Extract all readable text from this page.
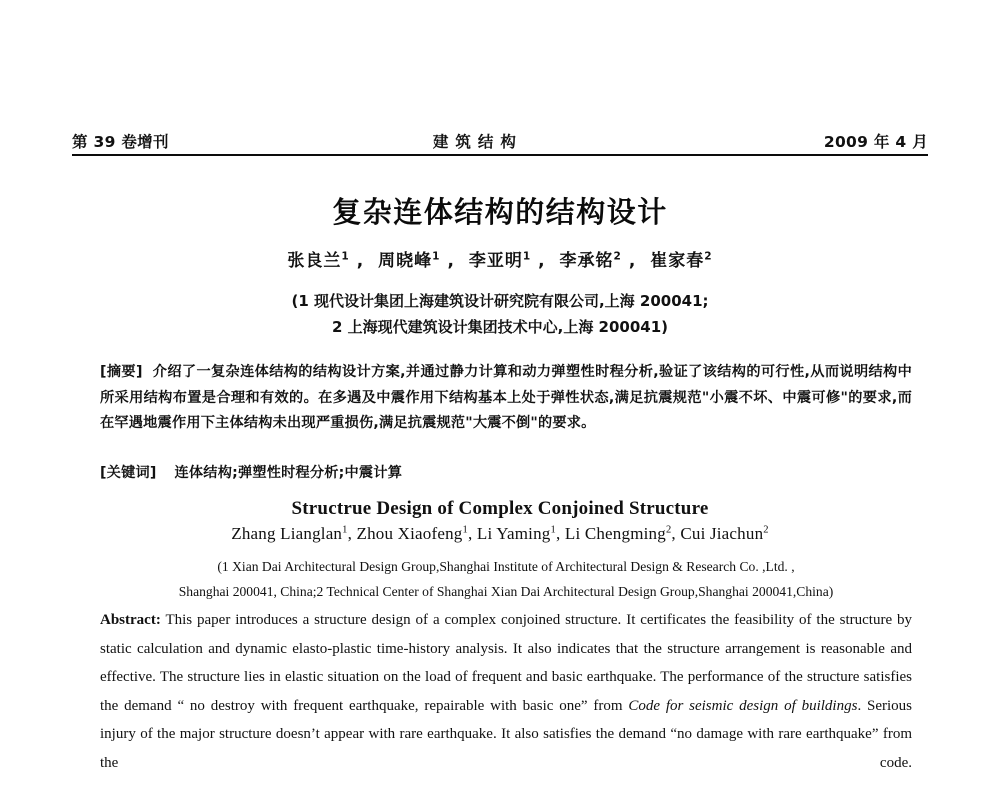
第 39 卷增刊	建筑结构	2009 年 4 月
复杂连体结构的结构设计
张良兰$^1$ , 周晓峰$^1$ , 李亚明$^1$ , 李承铭$^2$ , 崔家春$^2$
(1 现代设计集团上海建筑设计研究院有限公司,上海 200041;
2 上海现代建筑设计集团技术中心,上海 200041)
[摘要] 介绍了一复杂连体结构的结构设计方案,并通过静力计算和动力弹塑性时程分析,验证了该结构的可行性,从而说明结构中所采用结构布置是合理和有效的。在多遇及中震作用下结构基本上处于弹性状态,满足抗震规范"小震不坏、中震可修"的要求,而在罕遇地震作用下主体结构未出现严重损伤,满足抗震规范"大震不倒"的要求。
[关键词] 连体结构;弹塑性时程分析;中震计算
Structrue Design of Complex Conjoined Structure
Zhang Lianglan$^1$, Zhou Xiaofeng$^1$, Li Yaming$^1$, Li Chengming$^2$, Cui Jiachun$^2$
(1 Xian Dai Architectural Design Group,Shanghai Institute of Architectural Design & Research Co. ,Ltd. ,
Shanghai 200041, China;2 Technical Center of Shanghai Xian Dai Architectural Design Group,Shanghai 200041,China)

Abstract: This paper introduces a structure design of a complex conjoined structure. It certificates the feasibility of the structure by static calculation and dynamic elasto-plastic time-history analysis. It also indicates that the structure arrangement is reasonable and effective. The structure lies in elastic situation on the load of frequent and basic earthquake. The performance of the structure satisfies the demand “ no destroy with frequent earthquake, repairable with basic one” from Code for seismic design of buildings. Serious injury of the major structure doesn’t appear with rare earthquake. It also satisfies the demand “no damage with rare earthquake” from the code.
